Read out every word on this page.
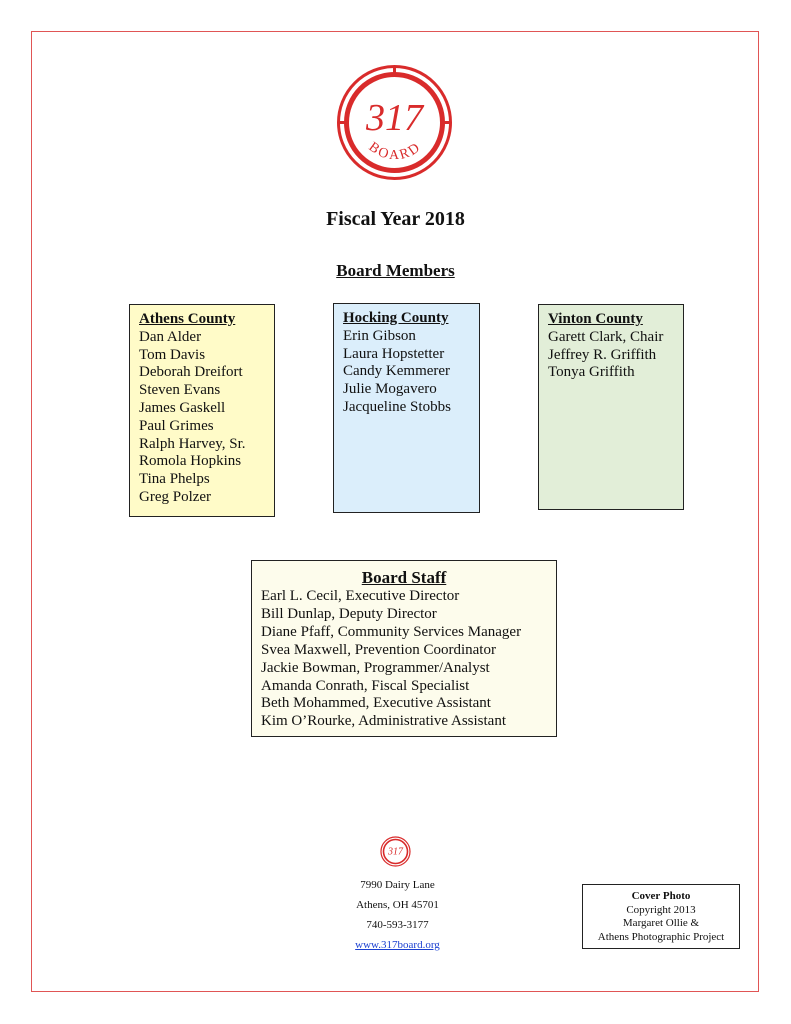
317
BOARD
Fiscal Year 2018
Board Members
Athens County
Dan Alder
Tom Davis
Deborah Dreifort
Steven Evans
James Gaskell
Paul Grimes
Ralph Harvey, Sr.
Romola Hopkins
Tina Phelps
Greg Polzer
Hocking County
Erin Gibson
Laura Hopstetter
Candy Kemmerer
Julie Mogavero
Jacqueline Stobbs
Vinton County
Garett Clark, Chair
Jeffrey R. Griffith
Tonya Griffith
Board Staff
Earl L. Cecil, Executive Director
Bill Dunlap, Deputy Director
Diane Pfaff, Community Services Manager
Svea Maxwell, Prevention Coordinator
Jackie Bowman, Programmer/Analyst
Amanda Conrath, Fiscal Specialist
Beth Mohammed, Executive Assistant
Kim O’Rourke, Administrative Assistant
317
7990 Dairy Lane
Athens, OH 45701
740-593-3177
www.317board.org
Cover Photo
Copyright 2013
Margaret Ollie &
Athens Photographic Project
